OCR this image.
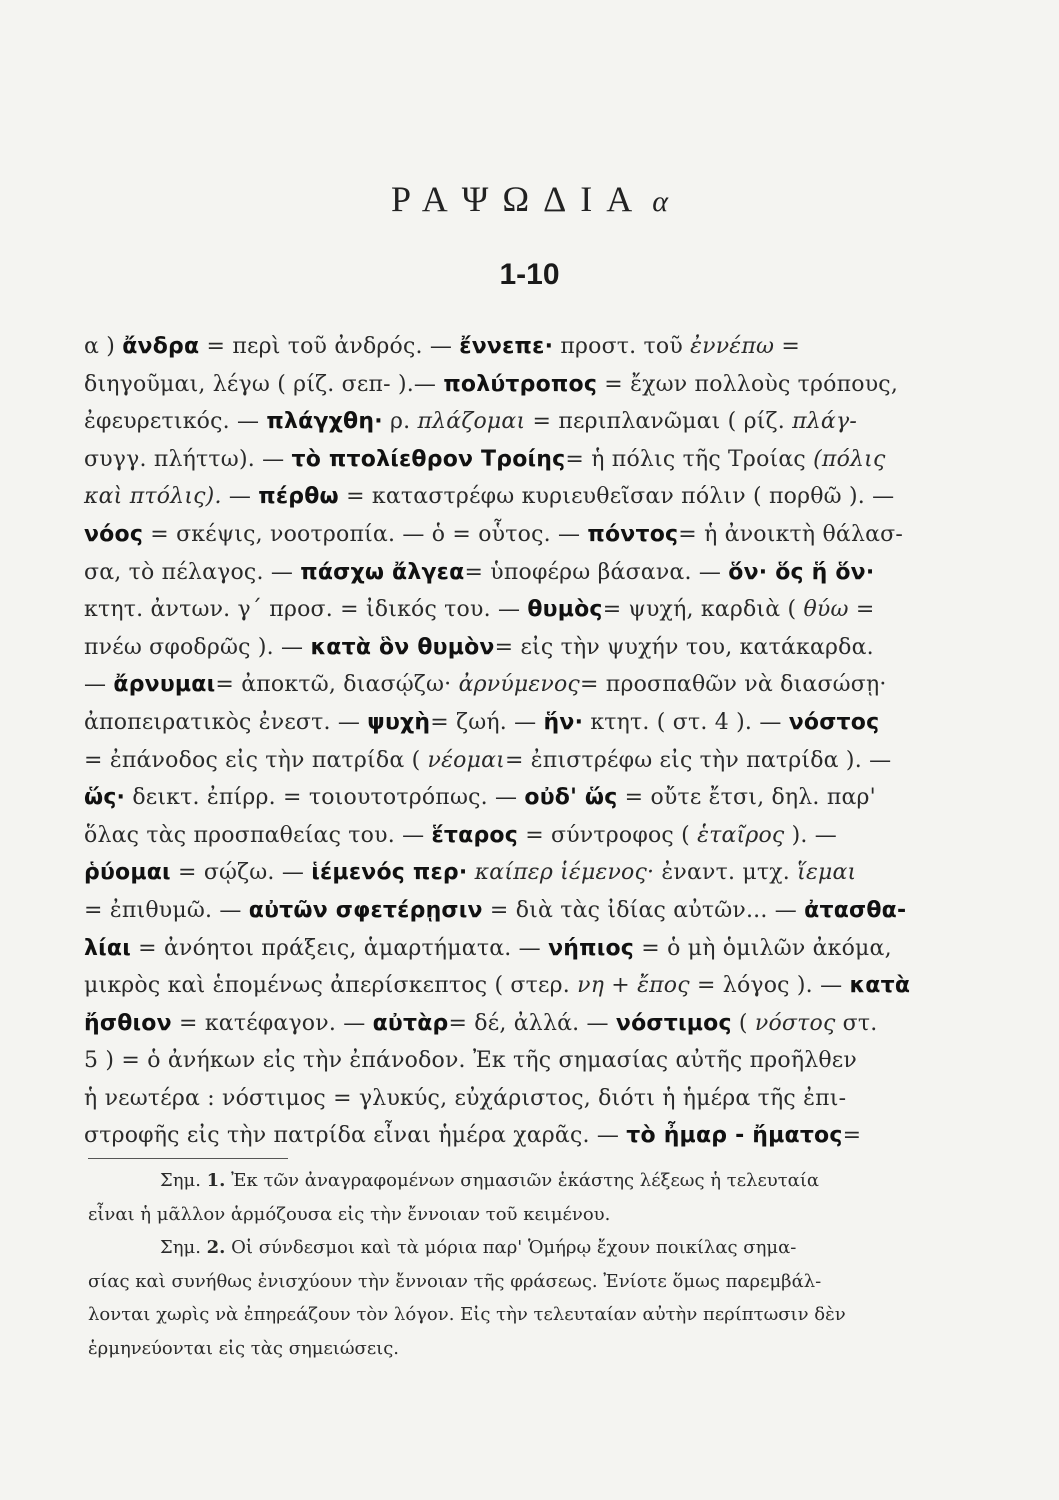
ΡΑΨΩΔΙΑ α
1-10
α ) ἄνδρα = περὶ τοῦ ἀνδρός. — ἔννεπε· προστ. τοῦ ἐννέπω =
διηγοῦμαι, λέγω ( ρίζ. σεπ- ).— πολύτροπος = ἔχων πολλοὺς τρόπους,
ἐφευρετικός. — πλάγχθη· ρ. πλάζομαι = περιπλανῶμαι ( ρίζ. πλάγ-
συγγ. πλήττω). — τὸ πτολίεθρον Τροίης= ἡ πόλις τῆς Τροίας (πόλις
καὶ πτόλις). — πέρθω = καταστρέφω κυριευθεῖσαν πόλιν ( πορθῶ ). —
νόος = σκέψις, νοοτροπία. — ὁ = οὗτος. — πόντος= ἡ ἀνοικτὴ θάλασ-
σα, τὸ πέλαγος. — πάσχω ἄλγεα= ὑποφέρω βάσανα. — ὅν· ὅς ἥ ὅν·
κτητ. ἀντων. γ΄ προσ. = ἰδικός του. — θυμὸς= ψυχή, καρδιὰ ( θύω =
πνέω σφοδρῶς ). — κατὰ ὃν θυμὸν= εἰς τὴν ψυχήν του, κατάκαρδα.
— ἄρνυμαι= ἀποκτῶ, διασῴζω· ἀρνύμενος= προσπαθῶν νὰ διασώσῃ·
ἀποπειρατικὸς ἐνεστ. — ψυχὴ= ζωή. — ἥν· κτητ. ( στ. 4 ). — νόστος
= ἐπάνοδος εἰς τὴν πατρίδα ( νέομαι= ἐπιστρέφω εἰς τὴν πατρίδα ). —
ὥς· δεικτ. ἐπίρρ. = τοιουτοτρόπως. — οὐδ' ὥς = οὔτε ἔτσι, δηλ. παρ'
ὅλας τὰς προσπαθείας του. — ἕταρος = σύντροφος ( ἑταῖρος ). —
ῥύομαι = σῴζω. — ἱέμενός περ· καίπερ ἱέμενος· ἐναντ. μτχ. ἵεμαι
= ἐπιθυμῶ. — αὐτῶν σφετέρῃσιν = διὰ τὰς ἰδίας αὐτῶν... — ἀτασθα-
λίαι = ἀνόητοι πράξεις, ἁμαρτήματα. — νήπιος = ὁ μὴ ὁμιλῶν ἀκόμα,
μικρὸς καὶ ἑπομένως ἀπερίσκεπτος ( στερ. νη + ἔπος = λόγος ). — κατὰ
ἤσθιον = κατέφαγον. — αὐτὰρ= δέ, ἀλλά. — νόστιμος ( νόστος στ.
5 ) = ὁ ἀνήκων εἰς τὴν ἐπάνοδον. Ἐκ τῆς σημασίας αὐτῆς προῆλθεν
ἡ νεωτέρα : νόστιμος = γλυκύς, εὐχάριστος, διότι ἡ ἡμέρα τῆς ἐπι-
στροφῆς εἰς τὴν πατρίδα εἶναι ἡμέρα χαρᾶς. — τὸ ἦμαρ - ἤματος=
Σημ. 1. Ἐκ τῶν ἀναγραφομένων σημασιῶν ἑκάστης λέξεως ἡ τελευταία
εἶναι ἡ μᾶλλον ἁρμόζουσα εἰς τὴν ἔννοιαν τοῦ κειμένου.
Σημ. 2. Οἱ σύνδεσμοι καὶ τὰ μόρια παρ' Ὁμήρῳ ἔχουν ποικίλας σημα-
σίας καὶ συνήθως ἐνισχύουν τὴν ἔννοιαν τῆς φράσεως. Ἐνίοτε ὅμως παρεμβάλ-
λονται χωρὶς νὰ ἐπηρεάζουν τὸν λόγον. Εἰς τὴν τελευταίαν αὐτὴν περίπτωσιν δὲν
ἑρμηνεύονται εἰς τὰς σημειώσεις.
